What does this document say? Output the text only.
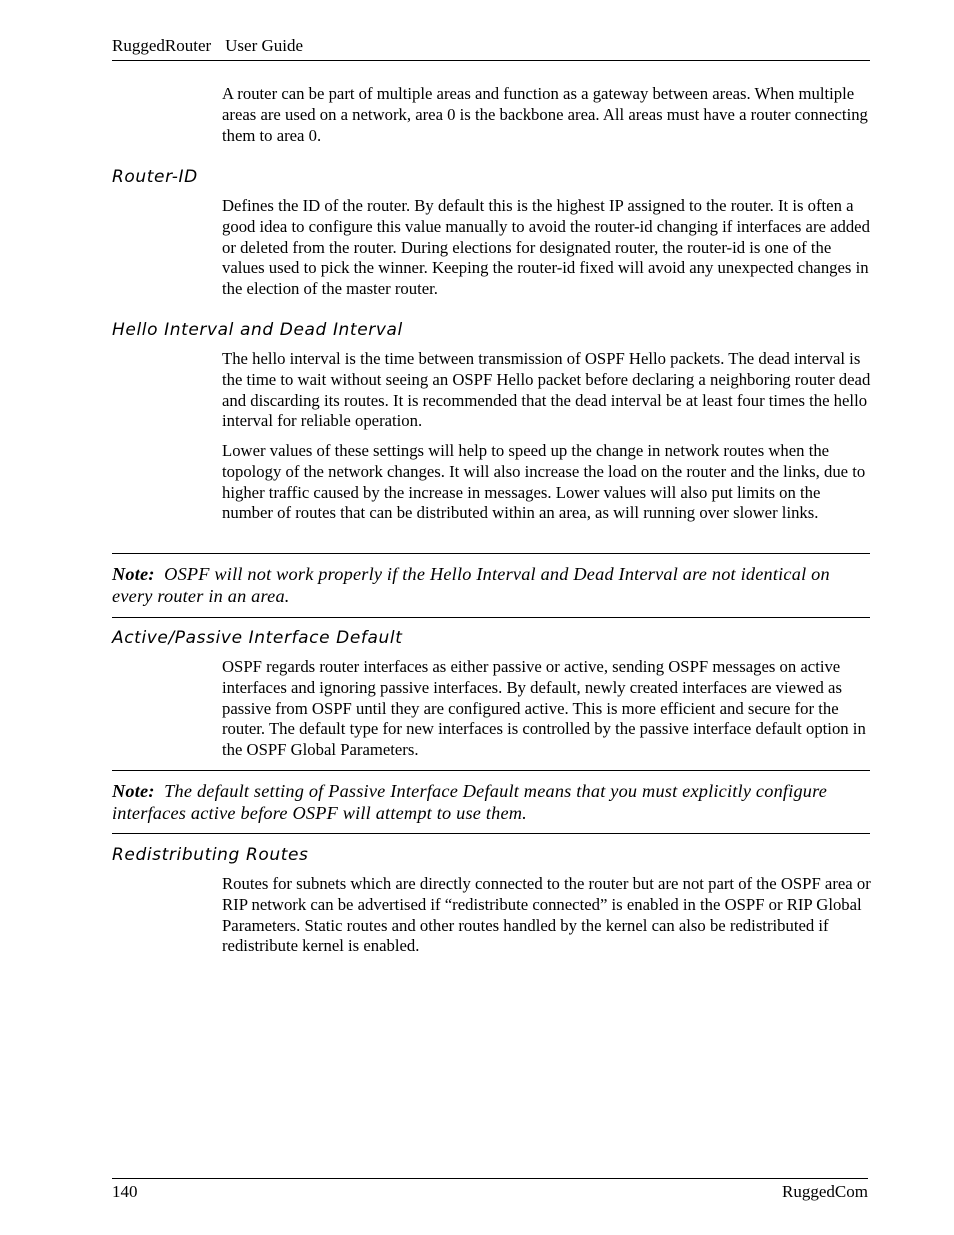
RuggedRouter User Guide

A router can be part of multiple areas and function as a gateway between areas. When multiple areas are used on a network, area 0 is the backbone area. All areas must have a router connecting them to area 0.

Router-ID

Defines the ID of the router. By default this is the highest IP assigned to the router. It is often a good idea to configure this value manually to avoid the router-id changing if interfaces are added or deleted from the router. During elections for designated router, the router-id is one of the values used to pick the winner. Keeping the router-id fixed will avoid any unexpected changes in the election of the master router.

Hello Interval and Dead Interval

The hello interval is the time between transmission of OSPF Hello packets. The dead interval is the time to wait without seeing an OSPF Hello packet before declaring a neighboring router dead and discarding its routes. It is recommended that the dead interval be at least four times the hello interval for reliable operation.

Lower values of these settings will help to speed up the change in network routes when the topology of the network changes. It will also increase the load on the router and the links, due to higher traffic caused by the increase in messages. Lower values will also put limits on the number of routes that can be distributed within an area, as will running over slower links.

Note: OSPF will not work properly if the Hello Interval and Dead Interval are not identical on every router in an area.
Active/Passive Interface Default

OSPF regards router interfaces as either passive or active, sending OSPF messages on active interfaces and ignoring passive interfaces. By default, newly created interfaces are viewed as passive from OSPF until they are configured active. This is more efficient and secure for the router. The default type for new interfaces is controlled by the passive interface default option in the OSPF Global Parameters.

Note: The default setting of Passive Interface Default means that you must explicitly configure interfaces active before OSPF will attempt to use them.
Redistributing Routes

Routes for subnets which are directly connected to the router but are not part of the OSPF area or RIP network can be advertised if “redistribute connected” is enabled in the OSPF or RIP Global Parameters. Static routes and other routes handled by the kernel can also be redistributed if redistribute kernel is enabled.

140	RuggedCom
